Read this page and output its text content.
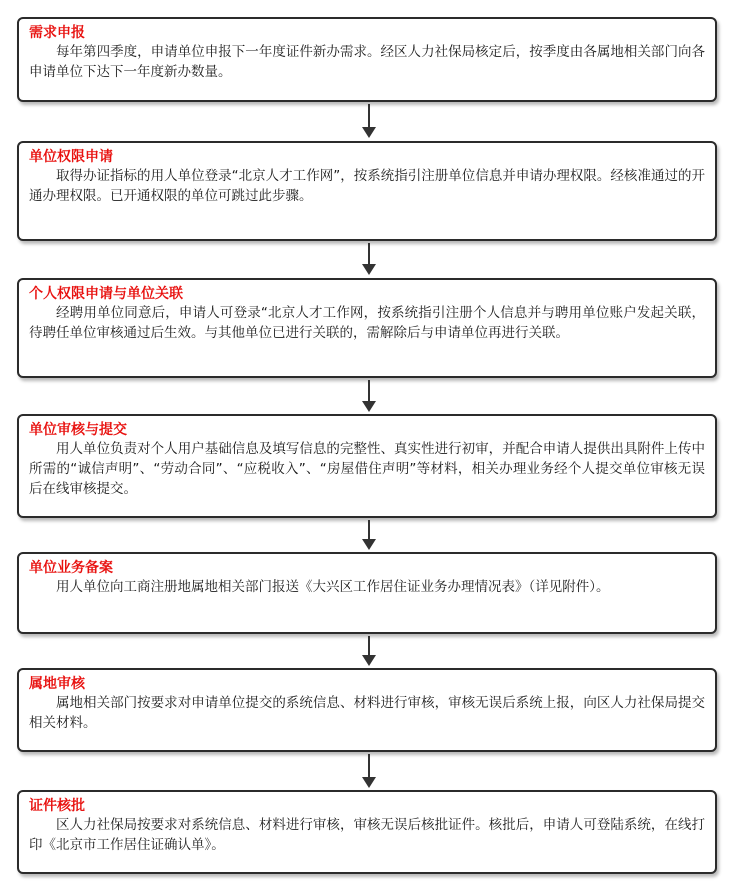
需求申报

每年第四季度，申请单位申报下一年度证件新办需求。经区人力社保局核定后，按季度由各属地相关部门向各申请单位下达下一年度新办数量。

单位权限申请

取得办证指标的用人单位登录“北京人才工作网”，按系统指引注册单位信息并申请办理权限。经核准通过的开通办理权限。已开通权限的单位可跳过此步骤。

个人权限申请与单位关联

经聘用单位同意后，申请人可登录“北京人才工作网，按系统指引注册个人信息并与聘用单位账户发起关联，待聘任单位审核通过后生效。与其他单位已进行关联的，需解除后与申请单位再进行关联。

单位审核与提交

用人单位负责对个人用户基础信息及填写信息的完整性、真实性进行初审，并配合申请人提供出具附件上传中所需的“诚信声明”、“劳动合同”、“应税收入”、“房屋借住声明”等材料，相关办理业务经个人提交单位审核无误后在线审核提交。

单位业务备案

用人单位向工商注册地属地相关部门报送《大兴区工作居住证业务办理情况表》（详见附件）。

属地审核

属地相关部门按要求对申请单位提交的系统信息、材料进行审核，审核无误后系统上报，向区人力社保局提交相关材料。

证件核批

区人力社保局按要求对系统信息、材料进行审核，审核无误后核批证件。核批后，申请人可登陆系统，在线打印《北京市工作居住证确认单》。
